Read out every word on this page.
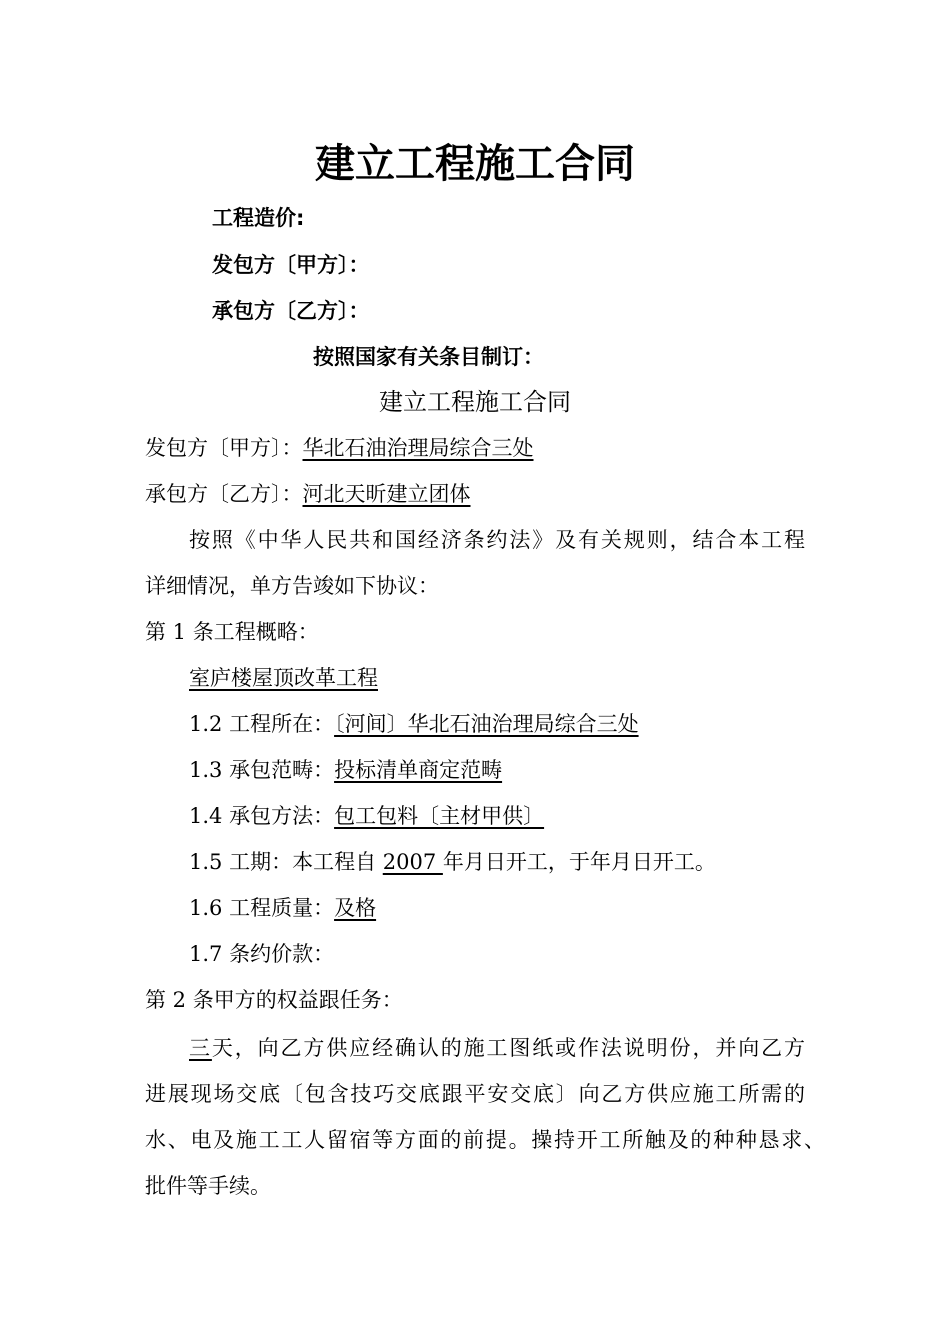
建立工程施工合同
工程造价:
发包方〔甲方〕：
承包方〔乙方〕：
按照国家有关条目制订：
建立工程施工合同
发包方〔甲方〕：华北石油治理局综合三处
承包方〔乙方〕：河北天昕建立团体
按照《中华人民共和国经济条约法》及有关规则，结合本工程
详细情况，单方告竣如下协议：
第 1 条工程概略：
室庐楼屋顶改革工程
1.2 工程所在：〔河间〕华北石油治理局综合三处
1.3 承包范畴：投标清单商定范畴
1.4 承包方法：包工包料〔主材甲供〕
1.5 工期：本工程自 2007 年月日开工，于年月日开工。
1.6 工程质量：及格
1.7 条约价款：
第 2 条甲方的权益跟任务：
三天，向乙方供应经确认的施工图纸或作法说明份，并向乙方
进展现场交底〔包含技巧交底跟平安交底〕向乙方供应施工所需的
水、电及施工工人留宿等方面的前提。操持开工所触及的种种恳求、
批件等手续。
